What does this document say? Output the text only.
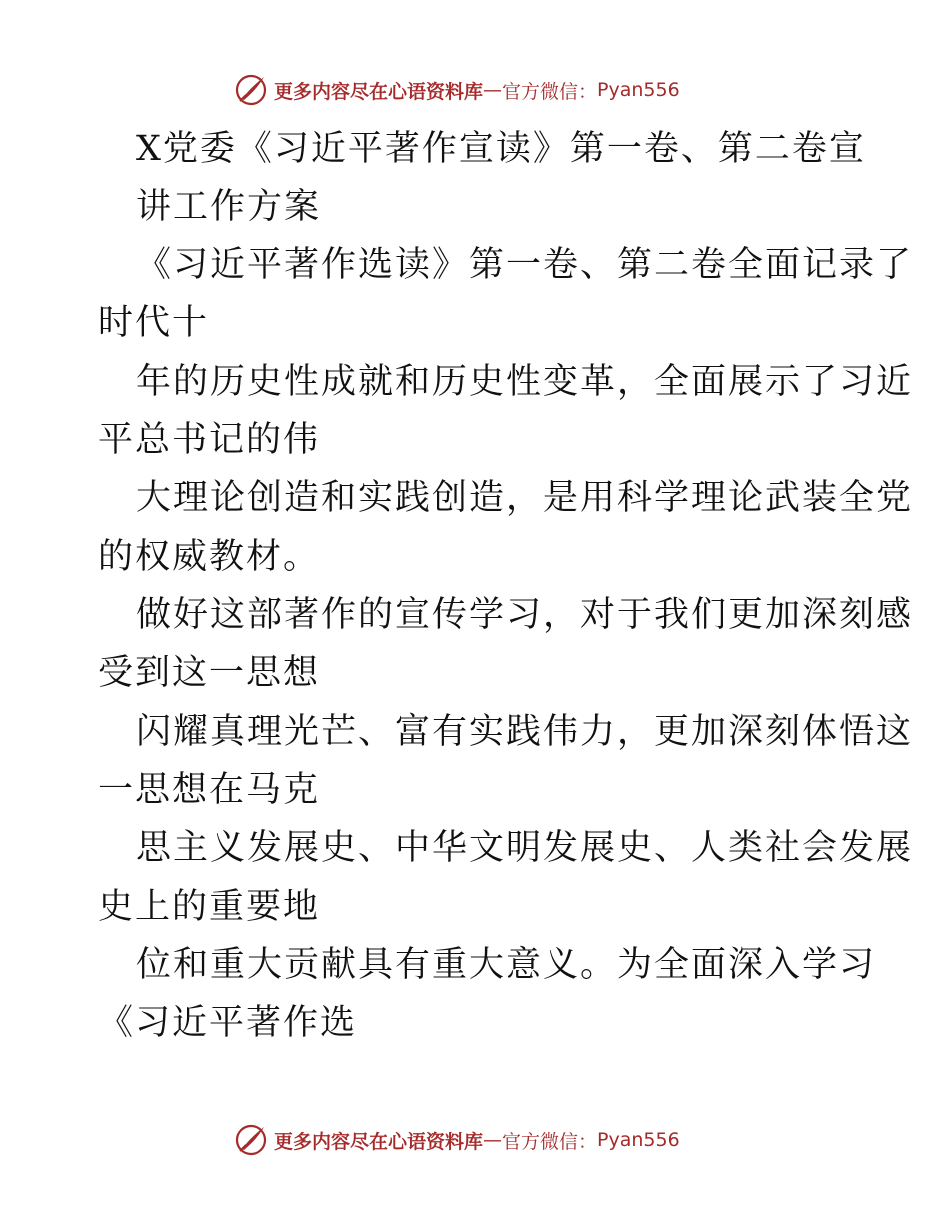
更多内容尽在心语资料库 — 官方微信： Pyan556
X党委《习近平著作宣读》第一卷、第二卷宣
讲工作方案
《习近平著作选读》第一卷、第二卷全面记录了
时代十
年的历史性成就和历史性变革，全面展示了习近
平总书记的伟
大理论创造和实践创造，是用科学理论武装全党
的权威教材。
做好这部著作的宣传学习，对于我们更加深刻感
受到这一思想
闪耀真理光芒、富有实践伟力，更加深刻体悟这
一思想在马克
思主义发展史、中华文明发展史、人类社会发展
史上的重要地
位和重大贡献具有重大意义。为全面深入学习
《习近平著作选
更多内容尽在心语资料库 — 官方微信： Pyan556
